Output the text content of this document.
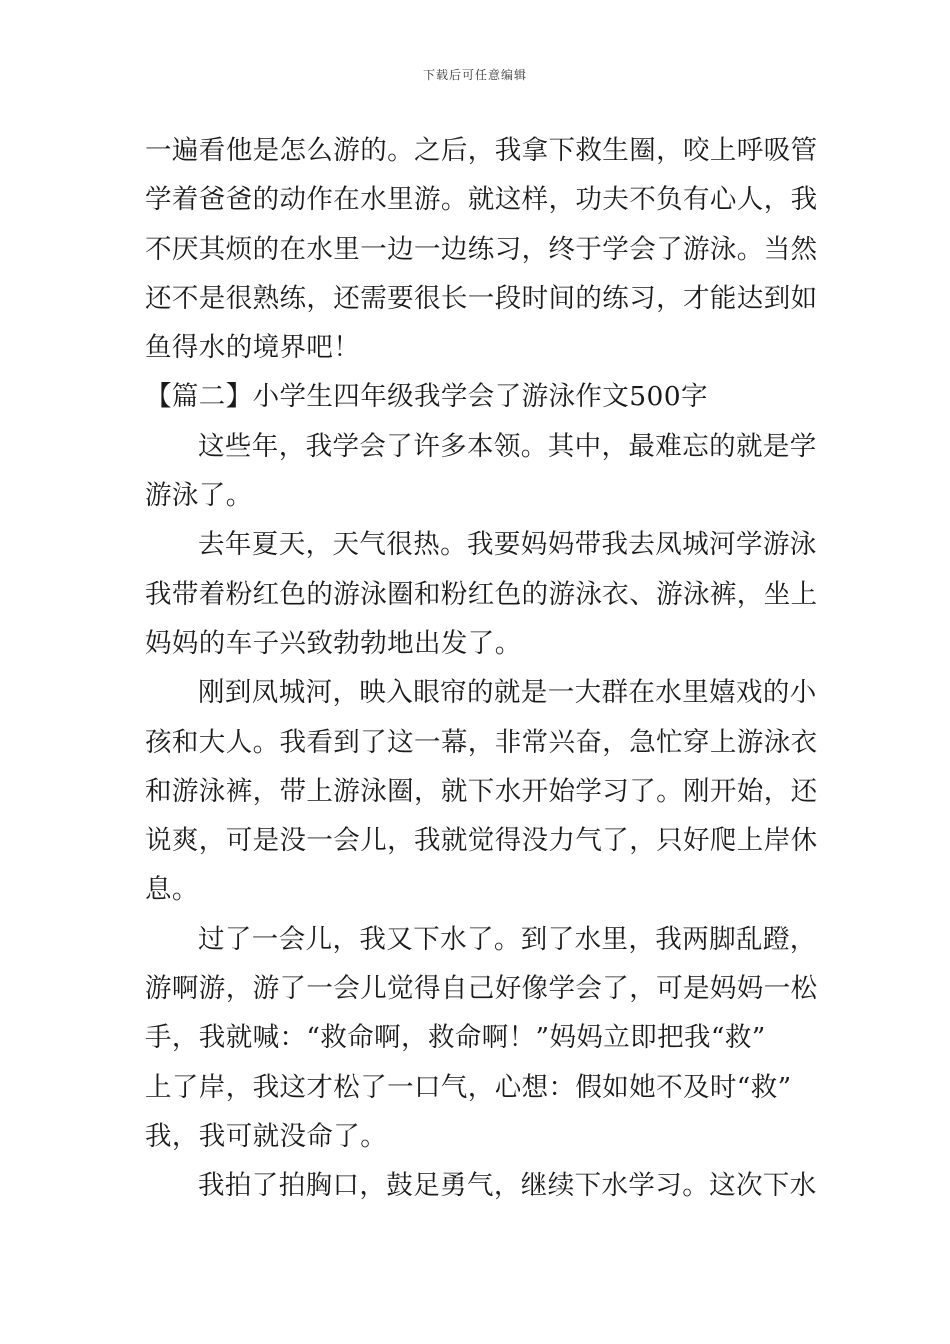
下载后可任意编辑
一遍看他是怎么游的。之后，我拿下救生圈，咬上呼吸管
学着爸爸的动作在水里游。就这样，功夫不负有心人，我
不厌其烦的在水里一边一边练习，终于学会了游泳。当然
还不是很熟练，还需要很长一段时间的练习，才能达到如
鱼得水的境界吧！
【篇二】小学生四年级我学会了游泳作文500字
这些年，我学会了许多本领。其中，最难忘的就是学
游泳了。
去年夏天，天气很热。我要妈妈带我去凤城河学游泳
我带着粉红色的游泳圈和粉红色的游泳衣、游泳裤，坐上
妈妈的车子兴致勃勃地出发了。
刚到凤城河，映入眼帘的就是一大群在水里嬉戏的小
孩和大人。我看到了这一幕，非常兴奋，急忙穿上游泳衣
和游泳裤，带上游泳圈，就下水开始学习了。刚开始，还
说爽，可是没一会儿，我就觉得没力气了，只好爬上岸休
息。
过了一会儿，我又下水了。到了水里，我两脚乱蹬，
游啊游，游了一会儿觉得自己好像学会了，可是妈妈一松
手，我就喊：“救命啊，救命啊！”妈妈立即把我“救”
上了岸，我这才松了一口气，心想：假如她不及时“救”
我，我可就没命了。
我拍了拍胸口，鼓足勇气，继续下水学习。这次下水
